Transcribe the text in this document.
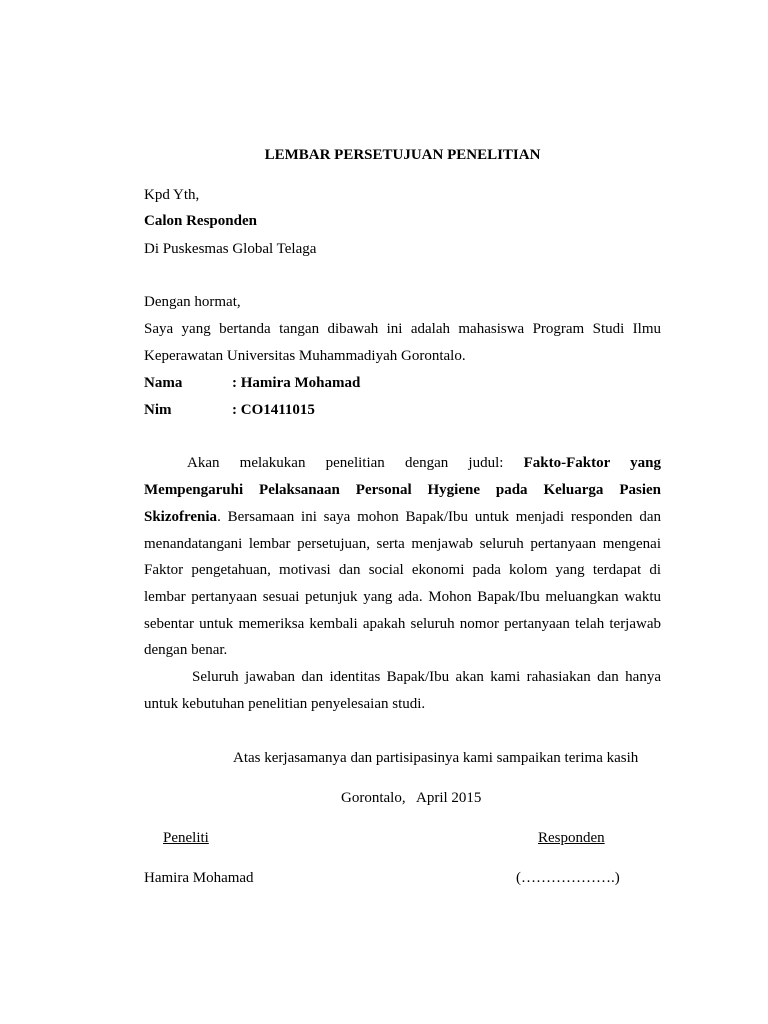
LEMBAR PERSETUJUAN PENELITIAN
Kpd Yth,
Calon Responden
Di Puskesmas Global Telaga
Dengan hormat,
Saya yang bertanda tangan dibawah ini adalah mahasiswa Program Studi Ilmu
Keperawatan Universitas Muhammadiyah Gorontalo.
Nama	: Hamira Mohamad
Nim	: CO1411015
Akan melakukan penelitian dengan judul: Fakto-Faktor yang
Mempengaruhi Pelaksanaan Personal Hygiene pada Keluarga Pasien
Skizofrenia. Bersamaan ini saya mohon Bapak/Ibu untuk menjadi responden dan
menandatangani lembar persetujuan, serta menjawab seluruh pertanyaan mengenai
Faktor pengetahuan, motivasi dan social ekonomi pada kolom yang terdapat di
lembar pertanyaan sesuai petunjuk yang ada. Mohon Bapak/Ibu meluangkan waktu
sebentar untuk memeriksa kembali apakah seluruh nomor pertanyaan telah terjawab
dengan benar.
Seluruh jawaban dan identitas Bapak/Ibu akan kami rahasiakan dan hanya
untuk kebutuhan penelitian penyelesaian studi.
Atas kerjasamanya dan partisipasinya kami sampaikan terima kasih
Gorontalo,   April 2015
Peneliti	Responden
Hamira Mohamad	(……………….)
